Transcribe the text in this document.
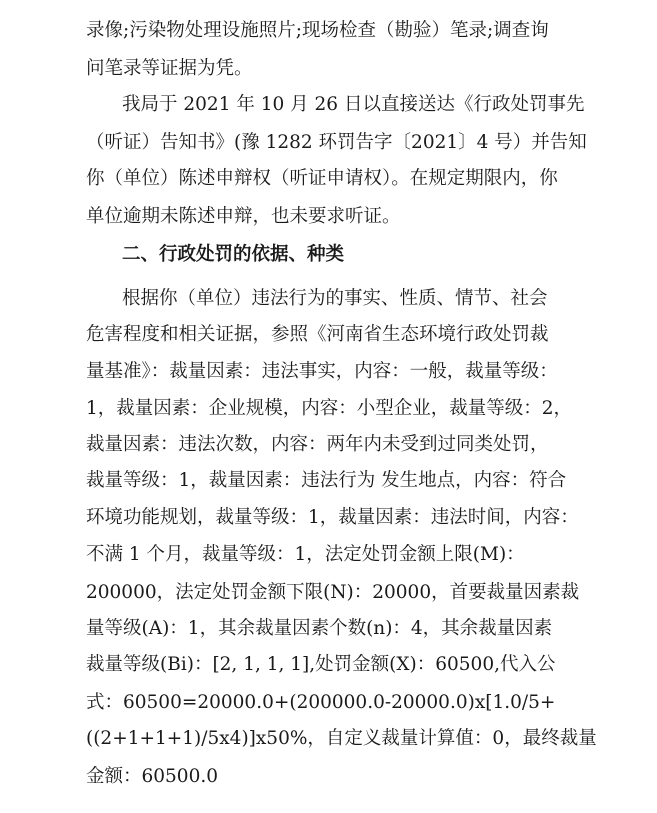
录像;污染物处理设施照片;现场检查（勘验）笔录;调查询
问笔录等证据为凭。
我局于 2021 年 10 月 26 日以直接送达《行政处罚事先
（听证）告知书》(豫 1282 环罚告字〔2021〕4 号）并告知
你（单位）陈述申辩权（听证申请权）。在规定期限内，你
单位逾期未陈述申辩，也未要求听证。
二、行政处罚的依据、种类
根据你（单位）违法行为的事实、性质、情节、社会
危害程度和相关证据，参照《河南省生态环境行政处罚裁
量基准》：裁量因素：违法事实，内容：一般，裁量等级：
1，裁量因素：企业规模，内容：小型企业，裁量等级：2，
裁量因素：违法次数，内容：两年内未受到过同类处罚，
裁量等级：1，裁量因素：违法行为 发生地点，内容：符合
环境功能规划，裁量等级：1，裁量因素：违法时间，内容：
不满 1 个月，裁量等级：1，法定处罚金额上限(M)：
200000，法定处罚金额下限(N)：20000，首要裁量因素裁
量等级(A)：1，其余裁量因素个数(n)：4，其余裁量因素
裁量等级(Bi)：[2, 1, 1, 1],处罚金额(X)：60500,代入公
式：60500=20000.0+(200000.0-20000.0)x[1.0/5+
((2+1+1+1)/5x4)]x50%，自定义裁量计算值：0，最终裁量
金额：60500.0
